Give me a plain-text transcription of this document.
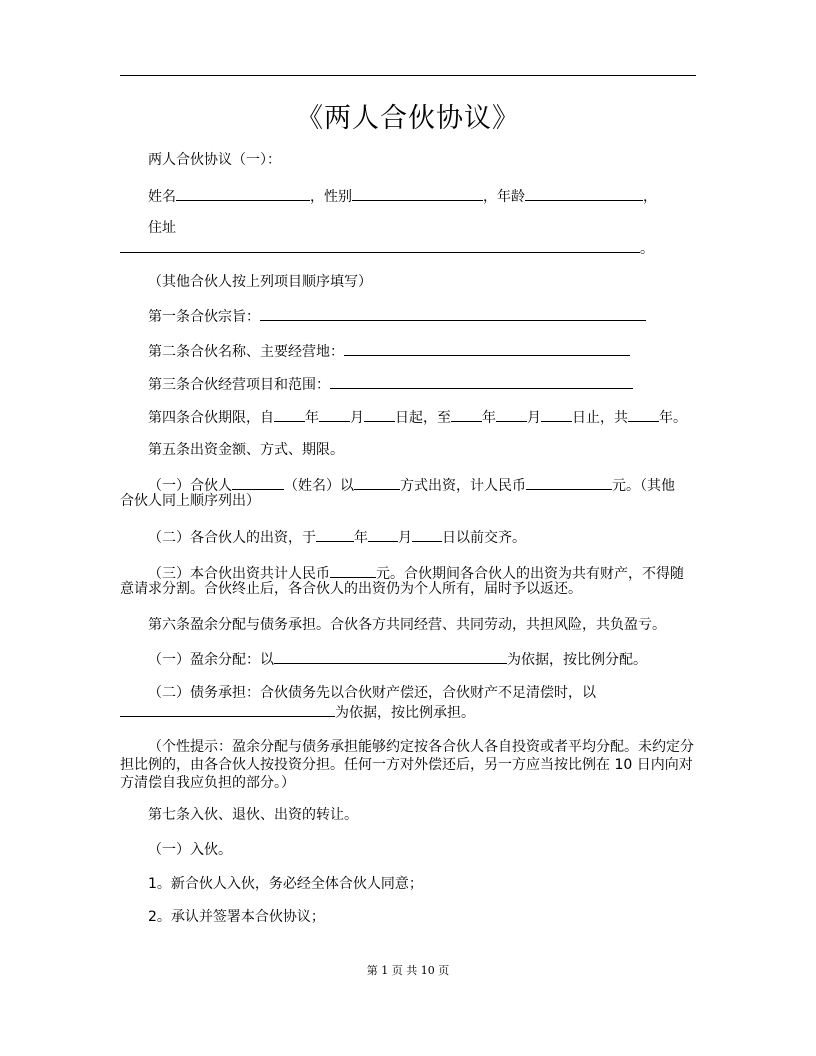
《两人合伙协议》
两人合伙协议（一）：
姓名	，性别	，年龄	，
住址
。
（其他合伙人按上列项目顺序填写）
第一条合伙宗旨：
第二条合伙名称、主要经营地：
第三条合伙经营项目和范围：
第四条合伙期限，自 年 月 日起，至 年 月 日止，共 年。
第五条出资金额、方式、期限。
（一）合伙人	（姓名）以	方式出资，计人民币	元。（其他
合伙人同上顺序列出）
（二）各合伙人的出资，于	年 月 日以前交齐。
（三）本合伙出资共计人民币	元。合伙期间各合伙人的出资为共有财产，不得随
意请求分割。合伙终止后，各合伙人的出资仍为个人所有，届时予以返还。
第六条盈余分配与债务承担。合伙各方共同经营、共同劳动，共担风险，共负盈亏。
（一）盈余分配：以	为依据，按比例分配。
（二）债务承担：合伙债务先以合伙财产偿还，合伙财产不足清偿时，以
为依据，按比例承担。
（个性提示：盈余分配与债务承担能够约定按各合伙人各自投资或者平均分配。未约定分
担比例的，由各合伙人按投资分担。任何一方对外偿还后，另一方应当按比例在 10 日内向对
方清偿自我应负担的部分。）
第七条入伙、退伙、出资的转让。
（一）入伙。
1。新合伙人入伙，务必经全体合伙人同意；
2。承认并签署本合伙协议；
第 1 页 共 10 页
